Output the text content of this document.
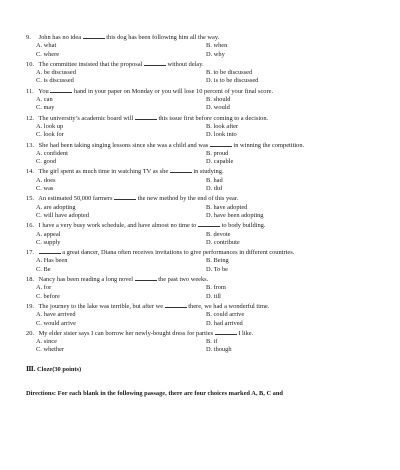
9. John has no idea	this dog has been following him all the way.
A. what	B. when
C. where	D. why
10. The committee insisted that the proposal	without delay.
A. be discussed	B. to be discussed
C. is discussed	D. is to be discussed
11. You	hand in your paper on Monday or you will lose 10 percent of your final score.
A. can	B. should
C. may	D. would
12. The university’s academic board will	this issue first before coming to a decision.
A. look up	B. look after
C. look for	D. look into
13. She had been taking singing lessons since she was a child and was	in winning the competition.
A. confident	B. proud
C. good	D. capable
14. The girl spent as much time in watching TV as she	in studying.
A. does	B. had
C. was	D. did
15. An estimated 50,000 farmers	the new method by the end of this year.
A. are adopting	B. have adopted
C. will have adopted	D. have been adopting
16. I have a very busy work schedule, and have almost no time to	to body building.
A. appeal	B. devote
C. supply	D. contribute
17.	a great dancer, Diana often receives invitations to give performances in different countries.
A. Has been	B. Being
C. Be	D. To be
18. Nancy has been reading a long novel	the past two weeks.
A. for	B. from
C. before	D. till
19. The journey to the lake was terrible, but after we	there, we had a wonderful time.
A. have arrived	B. could arrive
C. would arrive	D. had arrived
20. My elder sister says I can borrow her newly-bought dress for parties	I like.
A. since	B. if
C. whether	D. though
Ⅲ. Cloze(30 points)
Directions: For each blank in the following passage, there are four choices marked A, B, C and
